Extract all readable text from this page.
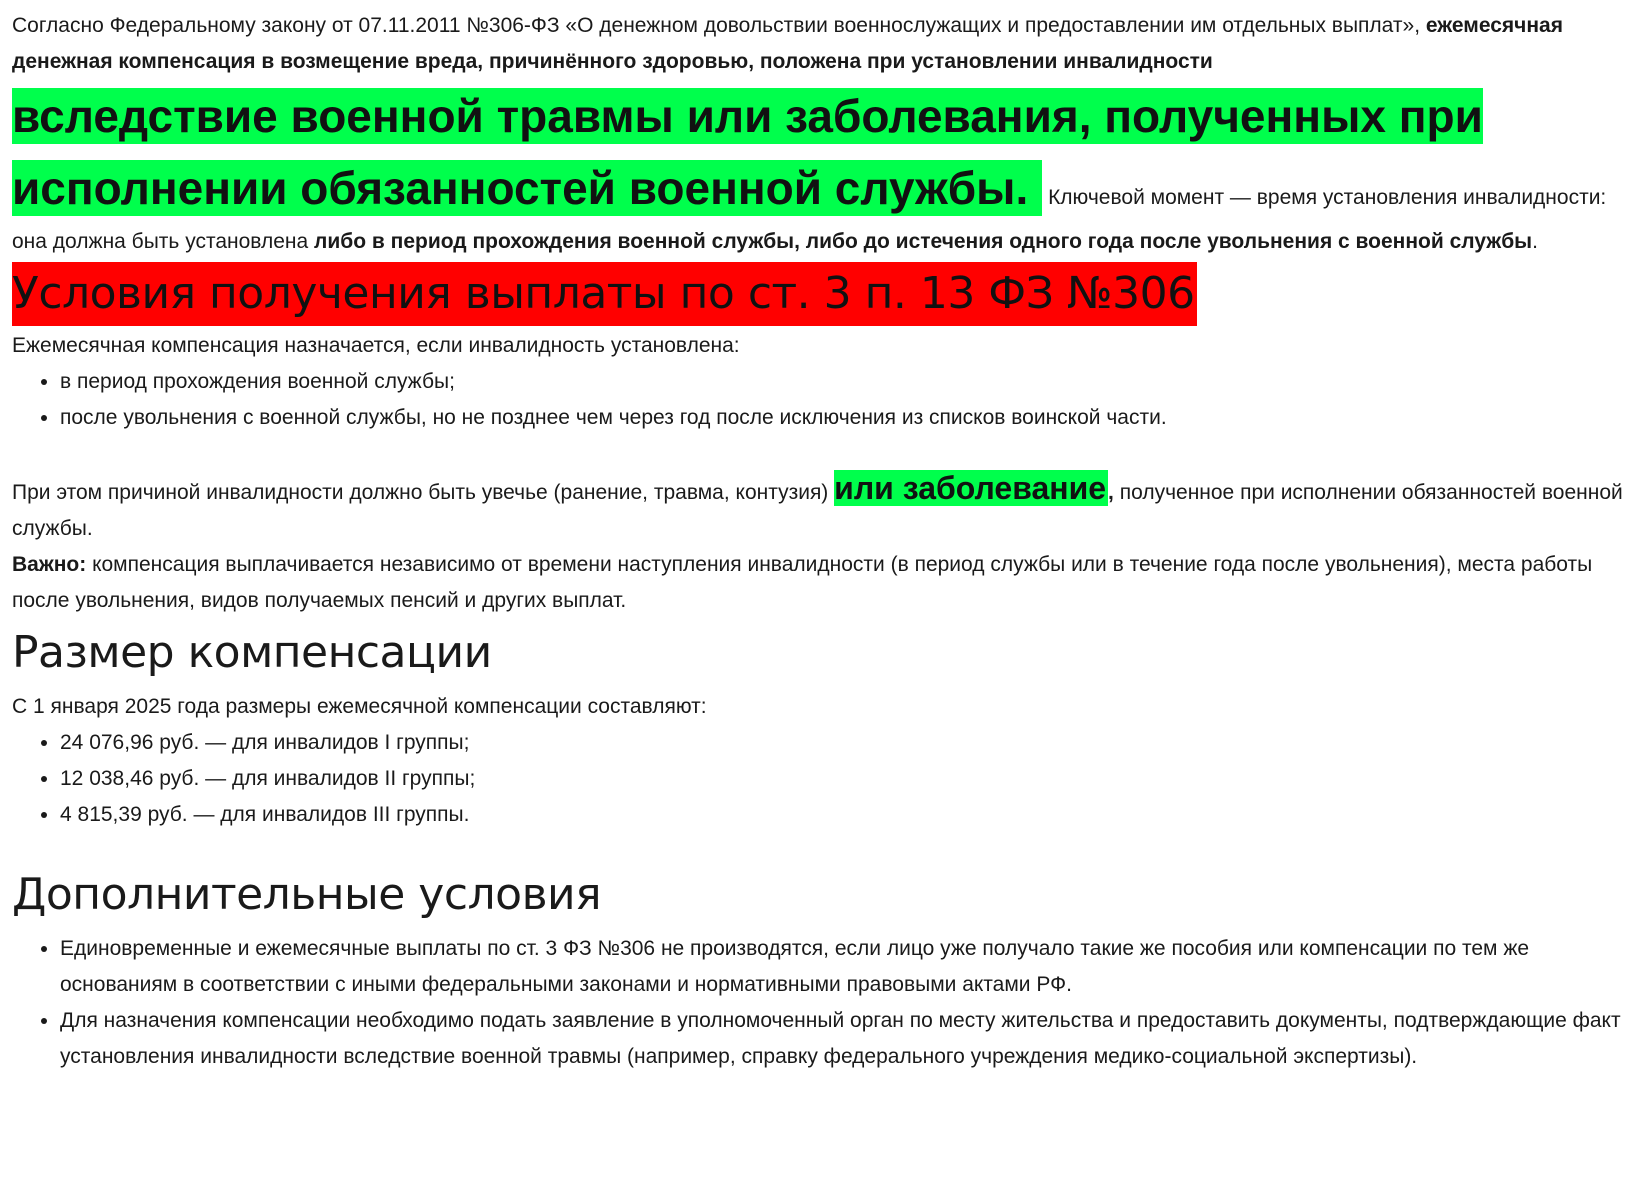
Согласно Федеральному закону от 07.11.2011 №306-ФЗ «О денежном довольствии военнослужащих и предоставлении им отдельных выплат», ежемесячная денежная компенсация в возмещение вреда, причинённого здоровью, положена при установлении инвалидности
вследствие военной травмы или заболевания, полученных при исполнении обязанностей военной службы. Ключевой момент — время установления инвалидности: она должна быть установлена либо в период прохождения военной службы, либо до истечения одного года после увольнения с военной службы.

Условия получения выплаты по ст. 3 п. 13 ФЗ №306

Ежемесячная компенсация назначается, если инвалидность установлена:

• в период прохождения военной службы;
• после увольнения с военной службы, но не позднее чем через год после исключения из списков воинской части.

При этом причиной инвалидности должно быть увечье (ранение, травма, контузия) или заболевание, полученное при исполнении обязанностей военной службы.

Важно: компенсация выплачивается независимо от времени наступления инвалидности (в период службы или в течение года после увольнения), места работы после увольнения, видов получаемых пенсий и других выплат.

Размер компенсации

С 1 января 2025 года размеры ежемесячной компенсации составляют:

• 24 076,96 руб. — для инвалидов I группы;
• 12 038,46 руб. — для инвалидов II группы;
• 4 815,39 руб. — для инвалидов III группы.
Дополнительные условия
• Единовременные и ежемесячные выплаты по ст. 3 ФЗ №306 не производятся, если лицо уже получало такие же пособия или компенсации по тем же основаниям в соответствии с иными федеральными законами и нормативными правовыми актами РФ.
• Для назначения компенсации необходимо подать заявление в уполномоченный орган по месту жительства и предоставить документы, подтверждающие факт установления инвалидности вследствие военной травмы (например, справку федерального учреждения медико-социальной экспертизы).
